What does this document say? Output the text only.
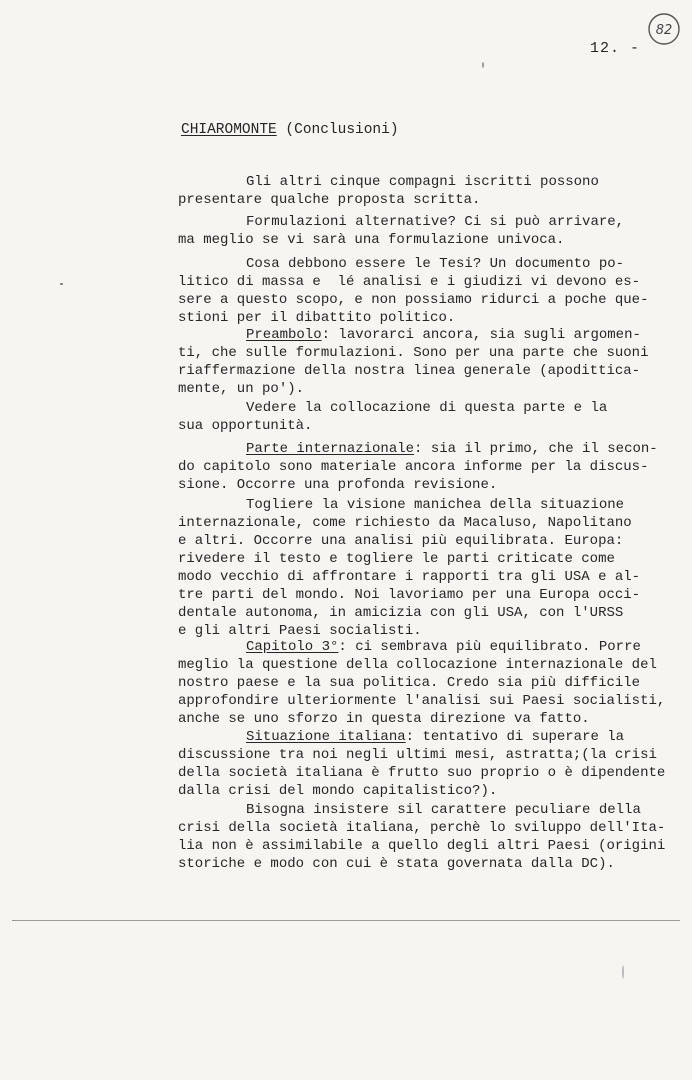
82
12. -
CHIAROMONTE (Conclusioni)
Gli altri cinque compagni iscritti possono
presentare qualche proposta scritta.
Formulazioni alternative? Ci si può arrivare,
ma meglio se vi sarà una formulazione univoca.
Cosa debbono essere le Tesi? Un documento po-
litico di massa e  lé analisi e i giudizi vi devono es-
sere a questo scopo, e non possiamo ridurci a poche que-
stioni per il dibattito politico.
Preambolo: lavorarci ancora, sia sugli argomen-
ti, che sulle formulazioni. Sono per una parte che suoni
riaffermazione della nostra linea generale (apodittica-
mente, un po').
Vedere la collocazione di questa parte e la
sua opportunità.
Parte internazionale: sia il primo, che il secon-
do capitolo sono materiale ancora informe per la discus-
sione. Occorre una profonda revisione.
Togliere la visione manichea della situazione
internazionale, come richiesto da Macaluso, Napolitano
e altri. Occorre una analisi più equilibrata. Europa:
rivedere il testo e togliere le parti criticate come
modo vecchio di affrontare i rapporti tra gli USA e al-
tre parti del mondo. Noi lavoriamo per una Europa occi-
dentale autonoma, in amicizia con gli USA, con l'URSS
e gli altri Paesi socialisti.
Capitolo 3°: ci sembrava più equilibrato. Porre
meglio la questione della collocazione internazionale del
nostro paese e la sua politica. Credo sia più difficile
approfondire ulteriormente l'analisi sui Paesi socialisti,
anche se uno sforzo in questa direzione va fatto.
Situazione italiana: tentativo di superare la
discussione tra noi negli ultimi mesi, astratta;(la crisi
della società italiana è frutto suo proprio o è dipendente
dalla crisi del mondo capitalistico?).
Bisogna insistere sil carattere peculiare della
crisi della società italiana, perchè lo sviluppo dell'Ita-
lia non è assimilabile a quello degli altri Paesi (origini
storiche e modo con cui è stata governata dalla DC).
